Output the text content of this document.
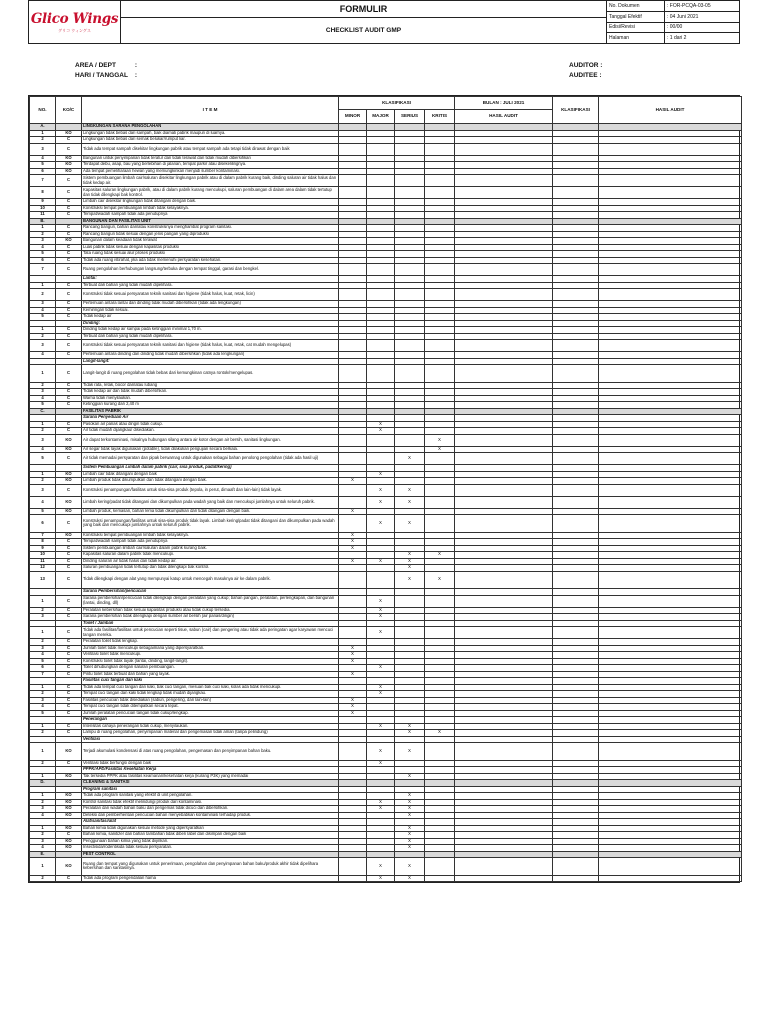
Glico Wings
グリコ ウィングス
FORMULIR
CHECKLIST AUDIT GMP
No. Dokumen	: FOR-PCQA-03-05
Tanggal Efektif	: 04 Juni 2021
Edisi/Revisi	: 00/00
Halaman	: 1 dari 2
AREA / DEPT	:
HARI / TANGGAL :
AUDITOR :
AUDITEE :
NO.	KO/C	I T E M	KLASIFIKASI				BULAN : JULI 2021	KLASIFIKASI	HASIL AUDIT
			MINOR	MAJOR	SERIUS	KRITIS	HASIL AUDIT		
A.		LINGKUNGAN SARANA PENGOLAHAN							
1	KO	Lingkungan tidak bebas dari sampah, baik diamati pabrik maupun di luarnya.							
2	C	Lingkungan tidak bebas dari semak belukar/rumput liar.							
3	C	Tidak ada tempat sampah disekitar lingkungan pabrik atau tempat sampah ada tetapi tidak dirawat dengan baik							
4	KO	Bangunan untuk penyimpanan tidak teratur dan tidak terawat dan tidak mudah dibersihkan							
5	KO	Terdapat debu, asap, bau yang berlebihan di jalanan, tempat parkir atau disekelilingnya.							
6	KO	Ada tempat pemeliharaan hewan yang memungkinkan menjadi sumber kontaminasi.							
7	C	Sistem pembuangan limbah cair/saluran disekitar lingkungan pabrik atau di dalam pabrik kurang baik, dinding saluran air tidak halus dan tidak kedap air.							
8	C	Kapasitas saluran lingkungan pabrik, atau di dalam pabrik kurang mencukupi, saluran pembuangan di dalam area dalam tidak tertutup dan tidak dilengkapi bak kontrol.							
9	C	Limbah cair disekitar lingkungan tidak ditangani dengan baik.							
10	C	Konstruksi tempat pembuangan limbah tidak selayaknya.							
11	C	Tempat/wadah sampah tidak ada penutupnya							
B.		BANGUNAN DAN FASILITAS UNIT							
1	C	Rancang bangun, bahan dan/atau konstruksinya menghambat program sanitasi.							
2	C	Rancang bangun tidak sesuai dengan jenis pangan yang diproduksi							
3	KO	Bangunan dalam keadaan tidak terawat							
4	C	Luas pabrik tidak sesuai dengan kapasitas produksi							
5	C	Tata ruang tidak sesuai alur proses produksi							
6	C	Tidak ada ruang istirahat, jika ada tidak memenuhi persyaratan kesehatan.							
7	C	Ruang pengolahan berhubungan langsung/terbuka dengan tempat tinggal, garasi dan bengkel.							
		Lantai:							
1	C	Terbuat dari bahan yang tidak mudah dipelihara.							
2	C	Konstruksi tidak sesuai persyaratan teknik sanitasi dan higiene (tidak halus, kuat, retak, licin)							
3	C	Pertemuan antara lantai dan dinding tidak mudah dibersihkan (tidak ada lengkungan)							
4	C	Kemiringan tidak sesuai.							
5	C	Tidak kedap air							
		Dinding:							
1	C	Dinding tidak kedap air sampai pada ketinggian minimal 1,70 m.							
2	C	Terbuat dari bahan yang tidak mudah dipelihara.							
3	C	Konstruksi tidak sesuai persyaratan teknik sanitasi dan higiene (tidak halus, kuat, retak, cat mudah mengelupas)							
4	C	Pertemuan antara dinding dan dinding tidak mudah dibersihkan (tidak ada lengkungan)							
		Langit-langit:							
1	C	Langit-langit di ruang pengolahan tidak bebas dari kemungkinan catnya rontok/mengelupas.							
2	C	Tidak rata, retak, bocor dan/atau lubang							
3	C	Tidak kedap air dan tidak mudah dibersihkan.							
4	C	Warna tidak menyilaukan.							
5	C	Ketinggian kurang dari 2,40 m							
C.		FASILITAS PABRIK							
		Sarana Penyediaan Air							
1	C	Pasokan air panas atau dingin tidak cukup.		X					
2	C	Air tidak mudah dijangkau/ disediakan.		X					
3	KO	Air dapat terkontaminasi, misalnya hubungan silang antara air kotor dengan air bersih, sanitasi lingkungan.				X			
4	KO	Air segar tidak layak digunakan (potable), tidak dilakukan pengujian secara berkala.				X			
5	C	Air tidak memadai persyaratan dan pipak berwarnag untuk digunakan sebagai bahan penolong pengolahan (tidak ada hasil uji)			X				
		Sistem Pembuangan Limbah dalam pabrik (cair, sisa produk, padat/kering)							
1	KO	Limbah cair tidak ditangani dengan baik		X					
2	KO	Limbah produk tidak dikumpulkan dan tidak ditangani dengan baik.	X						
3	C	Konstruksi penampungan/fasilitas untuk sisa-sisa produk (tepola, in perut, dimaaft dan lain-lain) tidak layak.		X	X				
4	KO	Limbah kering/padat tidak ditangani dan dikumpulkan pada wadah yang baik dan mencukupi jumlahnya untuk seluruh pabrik.		X	X				
5	KO	Limbah produk, kemasan, bahan lema tidak dikumpulkan dan tidak ditangani dengan baik.	X						
6	C	Konstruksi penampungan/fasilitas untuk sisa-sisa produk tidak layak. Limbah kering/padat tidak ditangani dan dikumpulkan pada wadah yang baik dan mencukupi jumlahnya untuk seluruh pabrik.		X	X				
7	KO	Konstruksi tempat pembuangan limbah tidak selayaknya.	X						
8	C	Tempat/wadah sampah tidak ada penutupnya	X						
9	C	Sistem pembuangan limbah cair/saluran dalam pabrik kurang baik.	X						
10	C	Kapasitas saluran dalam pabrik tidak mencukupi.			X	X			
11	C	Dinding saluran air tidak halus dan tidak kedap air.	X	X	X				
12	C	Saluran pembuangan tidak tertutup dan tidak dilengkapi bak kontrol.			X				
13	C	Tidak dilengkapi dengan alat yang mempunyai katup untuk mencegah masuknya air ke dalam pabrik.			X	X			
		Sarana Pembersihan/pencucian							
1	C	Sarana pembersihan/pencucian tidak dilengkapi dengan peralatan yang cukup; bahan pangan, peralatan, perlengkapan, dan bangunan (lantai, dinding, dll)		X					
2	C	Peralatan kebersihan tidak sesuai kapasitas produksi atau tidak cukup tersedia.		X					
3	C	Sarana pembersihan tidak dilengkapi dengan sumber air bersih (air panas/dingin)		X					
		Toilet / Jamban							
1	C	Tidak ada fasilitas/fasilitas untuk pencucian seperti tisue, sabun (cair) dan pengering atau tidak ada peringatan agar karyawan mencuci tangan mereka.		X					
2	C	Peralatan toilet tidak lengkap.							
3	C	Jumlah toilet tidak mencukupi sebagaimana yang dipersyaratkan.	X						
4	C	Ventilasi toilet tidak mencukupi.	X						
5	C	Konstruksi toilet tidak layak (lantai, dinding, langit-langit).	X						
6	C	Toilet dihubungkan dengan saluran pembuangan.		X					
7	C	Pintu toilet tidak terbuat dari bahan yang layak.	X						
		Fasilitas cuci tangan dan kaki							
1	C	Tidak ada tempat cuci tangan dan kaki, bak cuci tangan, mesuan bak cuci kaki, kolas ada tidak mencukupi.		X					
2	C	Tempat cuci tangan dan kaki tidak lengkap tidak mudah dijangkau.		X					
3	C	Fasilitas pencucian tidak disediakan (sabun, pengering, dan lain-lain)	X						
4	C	Tempat cuci tangan tidak ditempatkan secara tepat.	X						
5	C	Jumlah peralatan pencucian tangan tidak cukup/lengkap.	X						
		Penerangan							
1	C	Intensitas cahaya penerangan tidak cukup, menyilaukan.		X	X				
2	C	Lampu di ruang pengolahan, penyimpanan material dan pengemasan tidak aman (tanpa pelindung)			X	X			
		Ventilasi							
1	KO	Terjadi akumulasi kondensasi di atas ruang pengolahan, pengemasan dan penyimpanan bahan baku.		X	X				
2	C	Ventilasi tidak berfungsi dengan baik		X					
		PPPK/APD/Fasilitas Kesehatan Kerja							
1	KO	Tak tersedia PPPK atau fasilitas keamanan/kesehatan kerja (kurang P3K) yang memadai			X				
D.		CLEANING & SANITASI							
		Program sanitasi							
1	KO	Tidak ada program sanitasi yang efektif di unit pengolahan.			X				
2	KO	Kontrol sanitasi tidak efektif melindungi produk dari kontaminasi.		X	X				
3	KO	Peralatan dan wadah bahan baku dan pengemas tidak dicuci dan dibersihkan.		X	X				
4	KO	Deteksi dan pemberhentian pencucian bahan menyebabkan kontaminasi terhadap produk.			X				
		Alat/sanitasi/alat							
1	KO	Bahan kimia tidak digunakan sesuai metode yang dipersyaratkan			X				
2	C	Bahan kimia, sanitizer dan bahan tambahan tidak diberi label dan disimpan dengan baik			X				
3	KO	Penggunaan bahan kimia yang tidak diijinkan.			X				
4	KO	Insectisida/rodentisida tidak sesuai persyaratan.			X				
E.		PEST CONTROL							
1	KO	Ruang dan tempat yang digunakan untuk penerimaan, pengolahan dan penyimpanan bahan baku/produk akhir tidak dipelihara kebersihan dan sanitasinya.		X	X				
2	C	Tidak ada program pengendalian hama		X	X				
